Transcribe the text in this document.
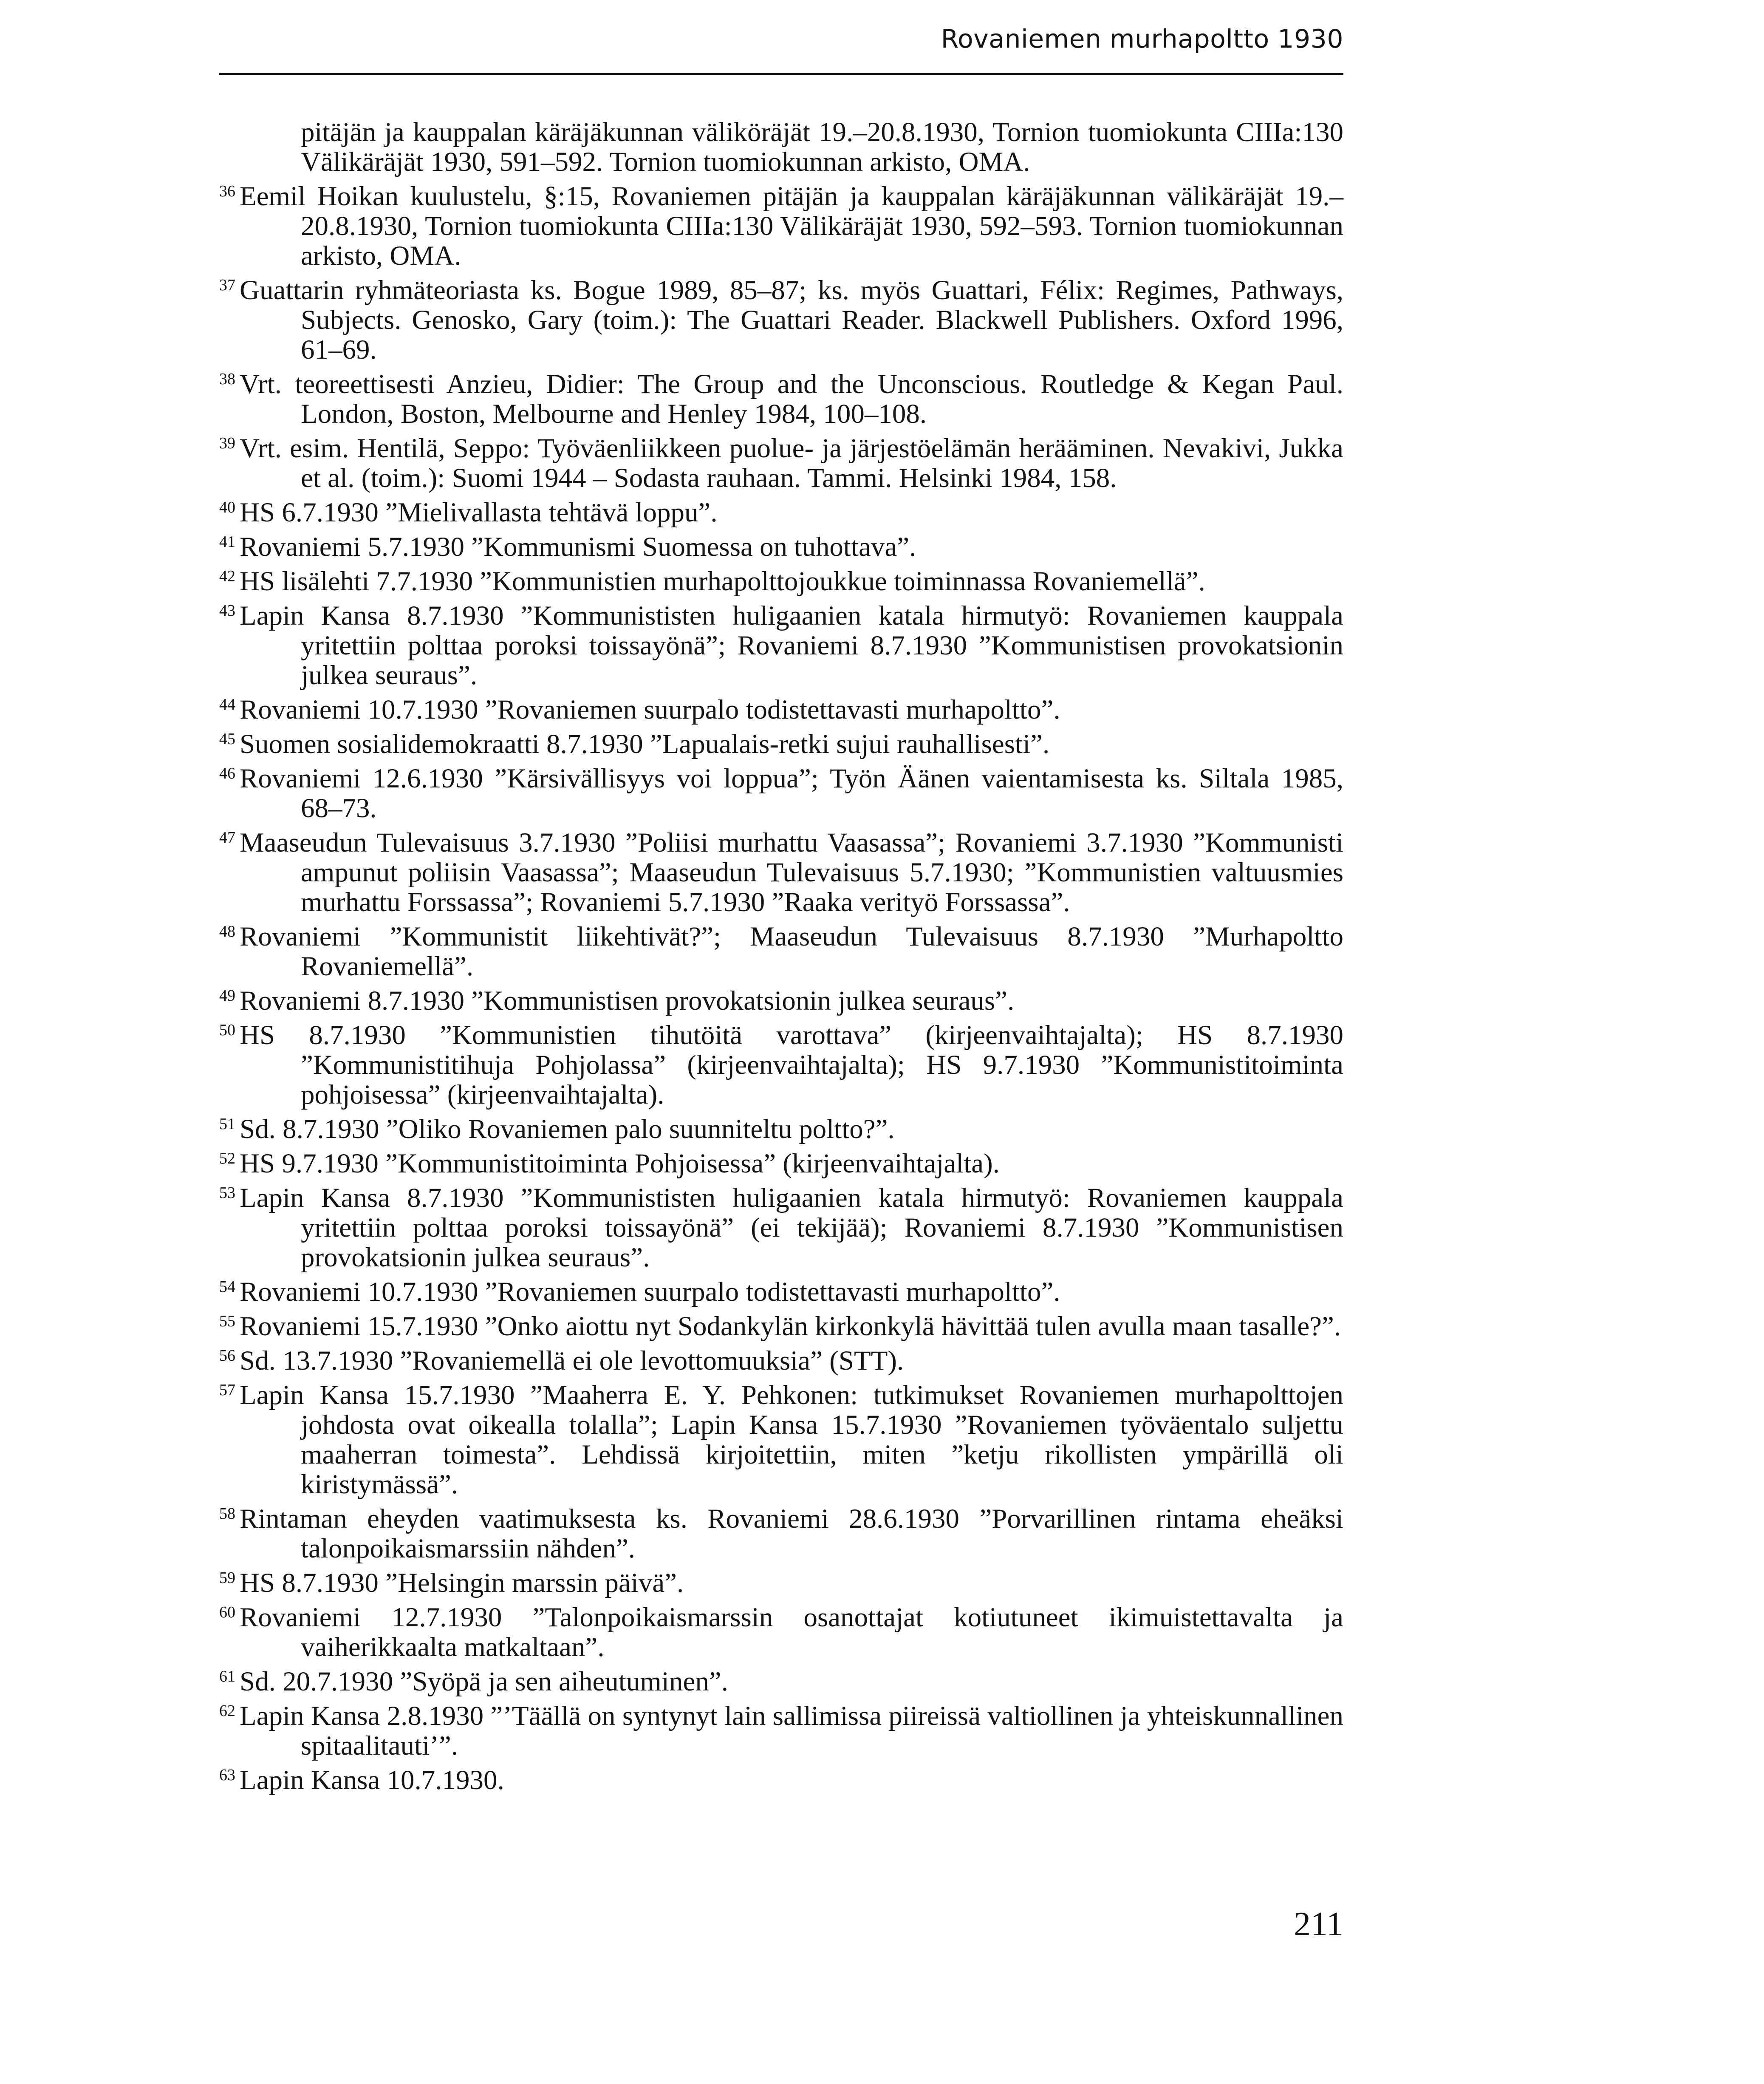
Rovaniemen murhapoltto 1930

pitäjän ja kauppalan käräjäkunnan väliköräjät 19.–20.8.1930, Tornion tuomiokunta CIIIa:130 Välikäräjät 1930, 591–592. Tornion tuomiokunnan arkisto, OMA.

$^{36}$ Eemil Hoikan kuulustelu, §:15, Rovaniemen pitäjän ja kauppalan käräjäkunnan välikäräjät 19.–20.8.1930, Tornion tuomiokunta CIIIa:130 Välikäräjät 1930, 592–593. Tornion tuomiokunnan arkisto, OMA.

$^{37}$ Guattarin ryhmäteoriasta ks. Bogue 1989, 85–87; ks. myös Guattari, Félix: Regimes, Pathways, Subjects. Genosko, Gary (toim.): The Guattari Reader. Blackwell Publishers. Oxford 1996, 61–69.

$^{38}$ Vrt. teoreettisesti Anzieu, Didier: The Group and the Unconscious. Routledge & Kegan Paul. London, Boston, Melbourne and Henley 1984, 100–108.

$^{39}$ Vrt. esim. Hentilä, Seppo: Työväenliikkeen puolue- ja järjestöelämän herääminen. Nevakivi, Jukka et al. (toim.): Suomi 1944 – Sodasta rauhaan. Tammi. Helsinki 1984, 158.

$^{40}$ HS 6.7.1930 ”Mielivallasta tehtävä loppu”.

$^{41}$ Rovaniemi 5.7.1930 ”Kommunismi Suomessa on tuhottava”.

$^{42}$ HS lisälehti 7.7.1930 ”Kommunistien murhapolttojoukkue toiminnassa Rovaniemellä”.

$^{43}$ Lapin Kansa 8.7.1930 ”Kommunististen huligaanien katala hirmutyö: Rovaniemen kauppala yritettiin polttaa poroksi toissayönä”; Rovaniemi 8.7.1930 ”Kommunistisen provokatsionin julkea seuraus”.

$^{44}$ Rovaniemi 10.7.1930 ”Rovaniemen suurpalo todistettavasti murhapoltto”.

$^{45}$ Suomen sosialidemokraatti 8.7.1930 ”Lapualais-retki sujui rauhallisesti”.

$^{46}$ Rovaniemi 12.6.1930 ”Kärsivällisyys voi loppua”; Työn Äänen vaientamisesta ks. Siltala 1985, 68–73.

$^{47}$ Maaseudun Tulevaisuus 3.7.1930 ”Poliisi murhattu Vaasassa”; Rovaniemi 3.7.1930 ”Kommunisti ampunut poliisin Vaasassa”; Maaseudun Tulevaisuus 5.7.1930; ”Kommunistien valtuusmies murhattu Forssassa”; Rovaniemi 5.7.1930 ”Raaka verityö Forssassa”.

$^{48}$ Rovaniemi ”Kommunistit liikehtivät?”; Maaseudun Tulevaisuus 8.7.1930 ”Murhapoltto Rovaniemellä”.

$^{49}$ Rovaniemi 8.7.1930 ”Kommunistisen provokatsionin julkea seuraus”.

$^{50}$ HS 8.7.1930 ”Kommunistien tihutöitä varottava” (kirjeenvaihtajalta); HS 8.7.1930 ”Kommunistitihuja Pohjolassa” (kirjeenvaihtajalta); HS 9.7.1930 ”Kommunistitoiminta pohjoisessa” (kirjeenvaihtajalta).

$^{51}$ Sd. 8.7.1930 ”Oliko Rovaniemen palo suunniteltu poltto?”.

$^{52}$ HS 9.7.1930 ”Kommunistitoiminta Pohjoisessa” (kirjeenvaihtajalta).

$^{53}$ Lapin Kansa 8.7.1930 ”Kommunististen huligaanien katala hirmutyö: Rovaniemen kauppala yritettiin polttaa poroksi toissayönä” (ei tekijää); Rovaniemi 8.7.1930 ”Kommunistisen provokatsionin julkea seuraus”.

$^{54}$ Rovaniemi 10.7.1930 ”Rovaniemen suurpalo todistettavasti murhapoltto”.

$^{55}$ Rovaniemi 15.7.1930 ”Onko aiottu nyt Sodankylän kirkonkylä hävittää tulen avulla maan tasalle?”.

$^{56}$ Sd. 13.7.1930 ”Rovaniemellä ei ole levottomuuksia” (STT).

$^{57}$ Lapin Kansa 15.7.1930 ”Maaherra E. Y. Pehkonen: tutkimukset Rovaniemen murhapolttojen johdosta ovat oikealla tolalla”; Lapin Kansa 15.7.1930 ”Rovaniemen työväentalo suljettu maaherran toimesta”. Lehdissä kirjoitettiin, miten ”ketju rikollisten ympärillä oli kiristymässä”.

$^{58}$ Rintaman eheyden vaatimuksesta ks. Rovaniemi 28.6.1930 ”Porvarillinen rintama eheäksi talonpoikaismarssiin nähden”.

$^{59}$ HS 8.7.1930 ”Helsingin marssin päivä”.

$^{60}$ Rovaniemi 12.7.1930 ”Talonpoikaismarssin osanottajat kotiutuneet ikimuistettavalta ja vaiherikkaalta matkaltaan”.

$^{61}$ Sd. 20.7.1930 ”Syöpä ja sen aiheutuminen”.

$^{62}$ Lapin Kansa 2.8.1930 ”’Täällä on syntynyt lain sallimissa piireissä valtiollinen ja yhteiskunnallinen spitaalitauti’”.

$^{63}$ Lapin Kansa 10.7.1930.

211
